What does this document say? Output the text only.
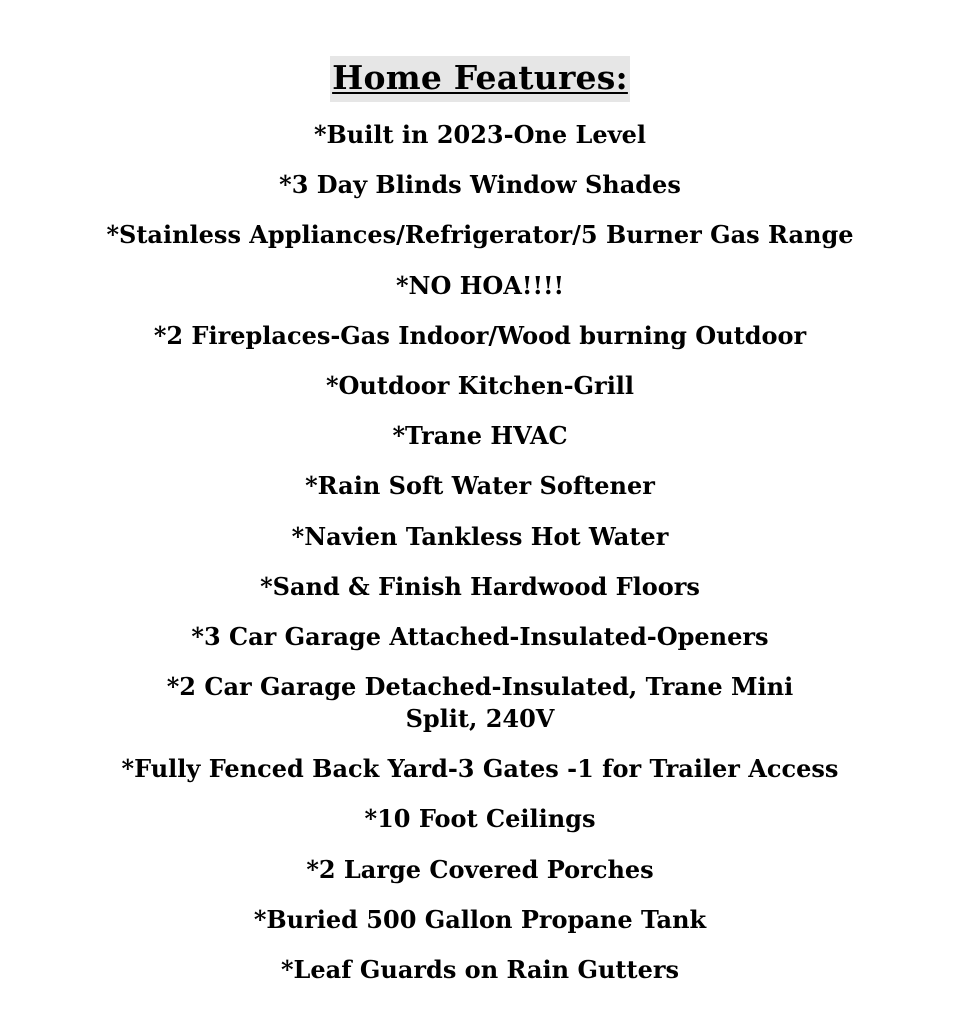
Home Features:
*Built in 2023-One Level
*3 Day Blinds Window Shades
*Stainless Appliances/Refrigerator/5 Burner Gas Range
*NO HOA!!!!
*2 Fireplaces-Gas Indoor/Wood burning Outdoor
*Outdoor Kitchen-Grill
*Trane HVAC
*Rain Soft Water Softener
*Navien Tankless Hot Water
*Sand & Finish Hardwood Floors
*3 Car Garage Attached-Insulated-Openers
*2 Car Garage Detached-Insulated, Trane Mini Split, 240V
*Fully Fenced Back Yard-3 Gates -1 for Trailer Access
*10 Foot Ceilings
*2 Large Covered Porches
*Buried 500 Gallon Propane Tank
*Leaf Guards on Rain Gutters
